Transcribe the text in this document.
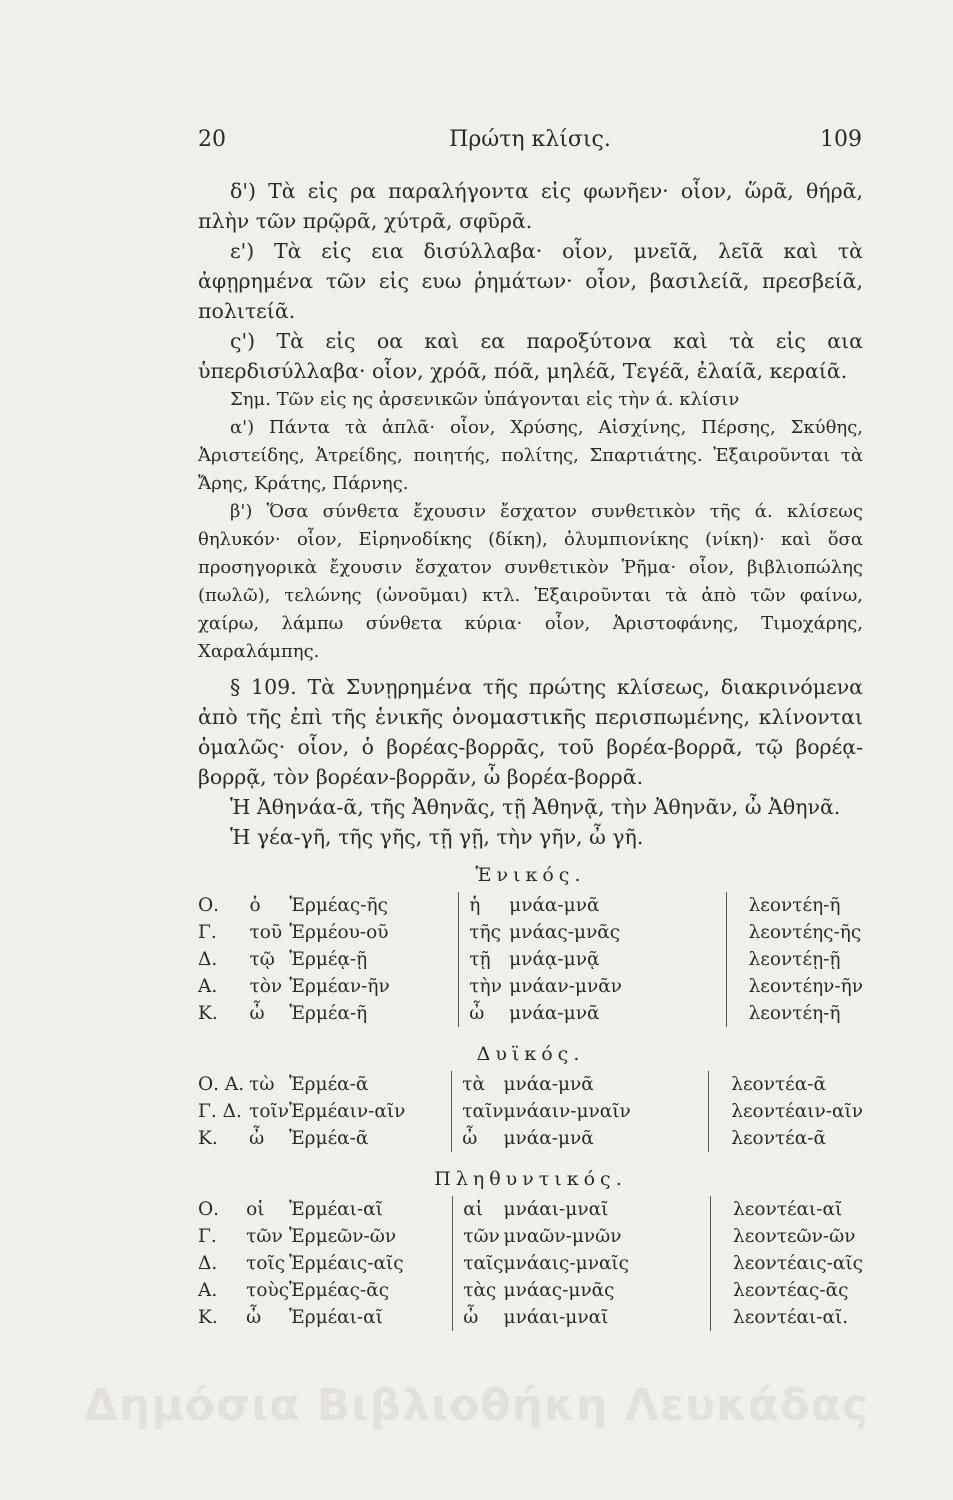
20	Πρώτη κλίσις.	109

δ') Τὰ εἰς ρα παραλήγοντα εἰς φωνῆεν· οἷον, ὥρᾶ, θήρᾶ, πλὴν τῶν πρῷρᾶ, χύτρᾶ, σφῦρᾶ.

ε') Τὰ εἰς εια δισύλλαβα· οἷον, μνεῖᾶ, λεῖᾶ καὶ τὰ ἀφῃρημένα τῶν εἰς ευω ῥημάτων· οἷον, βασιλείᾶ, πρεσβείᾶ, πολιτείᾶ.

ς') Τὰ εἰς οα καὶ εα παροξύτονα καὶ τὰ εἰς αια ὑπερδισύλλαβα· οἷον, χρόᾶ, πόᾶ, μηλέᾶ, Τεγέᾶ, ἐλαίᾶ, κεραίᾶ.

Σημ. Τῶν εἰς ης ἀρσενικῶν ὑπάγονται εἰς τὴν ά. κλίσιν

α') Πάντα τὰ ἁπλᾶ· οἷον, Χρύσης, Αἰσχίνης, Πέρσης, Σκύθης, Ἀριστείδης, Ἀτρείδης, ποιητής, πολίτης, Σπαρτιάτης. Ἐξαιροῦνται τὰ Ἄρης, Κράτης, Πάρνης.

β') Ὅσα σύνθετα ἔχουσιν ἔσχατον συνθετικὸν τῆς ά. κλίσεως θηλυκόν· οἷον, Εἰρηνοδίκης (δίκη), ὀλυμπιονίκης (νίκη)· καὶ ὅσα προσηγορικὰ ἔχουσιν ἔσχατον συνθετικὸν Ῥῆμα· οἷον, βιβλιοπώλης (πωλῶ), τελώνης (ὠνοῦμαι) κτλ. Ἐξαιροῦνται τὰ ἀπὸ τῶν φαίνω, χαίρω, λάμπω σύνθετα κύρια· οἷον, Ἀριστοφάνης, Τιμοχάρης, Χαραλάμπης.

§ 109. Τὰ Συνῃρημένα τῆς πρώτης κλίσεως, διακρινόμενα ἀπὸ τῆς ἐπὶ τῆς ἑνικῆς ὀνομαστικῆς περισπωμένης, κλίνονται ὁμαλῶς· οἷον, ὁ βορέας-βορρᾶς, τοῦ βορέα-βορρᾶ, τῷ βορέᾳ-βορρᾷ, τὸν βορέαν-βορρᾶν, ὦ βορέα-βορρᾶ.

Ἡ Ἀθηνάα-ᾶ, τῆς Ἀθηνᾶς, τῇ Ἀθηνᾷ, τὴν Ἀθηνᾶν, ὦ Ἀθηνᾶ.

Ἡ γέα-γῆ, τῆς γῆς, τῇ γῇ, τὴν γῆν, ὦ γῆ.

Ἑνικός.
Ο.	ὁ	Ἑρμέας-ῆς	ἡ	μνάα-μνᾶ	λεοντέη-ῆ
Γ.	τοῦ	Ἑρμέου-οῦ	τῆς	μνάας-μνᾶς	λεοντέης-ῆς
Δ.	τῷ	Ἑρμέᾳ-ῇ	τῇ	μνάᾳ-μνᾷ	λεοντέῃ-ῇ
Α.	τὸν	Ἑρμέαν-ῆν	τὴν	μνάαν-μνᾶν	λεοντέην-ῆν
Κ.	ὦ	Ἑρμέα-ῆ	ὦ	μνάα-μνᾶ	λεοντέη-ῆ
Δυϊκός.
Ο. Α.	τὼ	Ἑρμέα-ᾶ	τὰ	μνάα-μνᾶ	λεοντέα-ᾶ
Γ. Δ.	τοῖν	Ἑρμέαιν-αῖν	ταῖν	μνάαιν-μναῖν	λεοντέαιν-αῖν
Κ.	ὦ	Ἑρμέα-ᾶ	ὦ	μνάα-μνᾶ	λεοντέα-ᾶ
Πληθυντικός.
Ο.	οἱ	Ἑρμέαι-αῖ	αἱ	μνάαι-μναῖ	λεοντέαι-αῖ
Γ.	τῶν	Ἑρμεῶν-ῶν	τῶν	μναῶν-μνῶν	λεοντεῶν-ῶν
Δ.	τοῖς	Ἑρμέαις-αῖς	ταῖς	μνάαις-μναῖς	λεοντέαις-αῖς
Α.	τοὺς	Ἑρμέας-ᾶς	τὰς	μνάας-μνᾶς	λεοντέας-ᾶς
Κ.	ὦ	Ἑρμέαι-αῖ	ὦ	μνάαι-μναῖ	λεοντέαι-αῖ.
Δημόσια Βιβλιοθήκη Λευκάδας
